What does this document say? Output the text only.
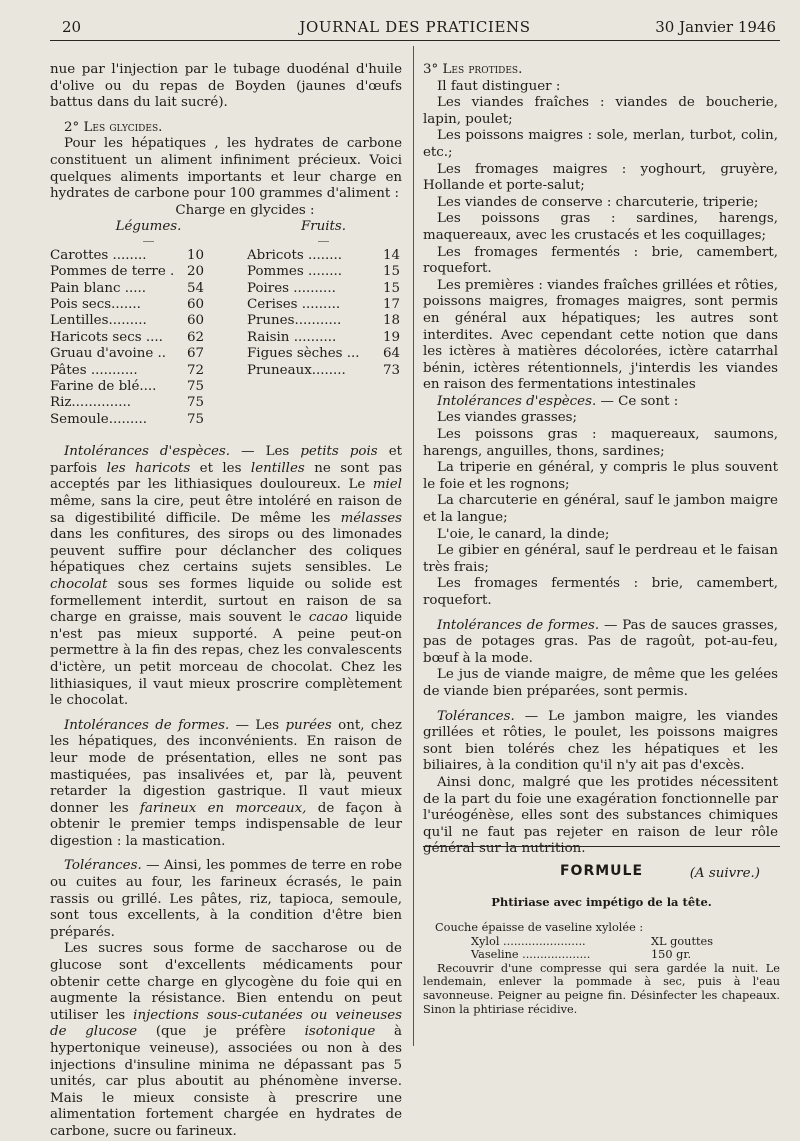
20	JOURNAL DES PRATICIENS	30 Janvier 1946

nue par l'injection par le tubage duodénal d'huile d'olive ou du repas de Boyden (jaunes d'œufs battus dans du lait sucré).

2° Les glycides.

Pour les hépatiques , les hydrates de carbone constituent un aliment infiniment précieux. Voici quelques aliments importants et leur charge en hydrates de carbone pour 100 grammes d'aliment :

Charge en glycides :

Légumes.		Fruits.	

—		—	

Carottes ........	10	Abricots ........	14
Pommes de terre .	20	Pommes ........	15
Pain blanc .....	54	Poires ..........	15
Pois secs.......	60	Cerises .........	17
Lentilles.........	60	Prunes...........	18
Haricots secs ....	62	Raisin ..........	19
Gruau d'avoine ..	67	Figues sèches ...	64
Pâtes ...........	72	Pruneaux........	73
Farine de blé....	75		
Riz..............	75		
Semoule.........	75		

Intolérances d'espèces. — Les petits pois et parfois les haricots et les lentilles ne sont pas acceptés par les lithiasiques douloureux. Le miel même, sans la cire, peut être intoléré en raison de sa digestibilité difficile. De même les mélasses dans les confitures, des sirops ou des limonades peuvent suffire pour déclancher des coliques hépatiques chez certains sujets sensibles. Le chocolat sous ses formes liquide ou solide est formellement interdit, surtout en raison de sa charge en graisse, mais souvent le cacao liquide n'est pas mieux supporté. A peine peut-on permettre à la fin des repas, chez les convalescents d'ictère, un petit morceau de chocolat. Chez les lithiasiques, il vaut mieux proscrire complètement le chocolat.

Intolérances de formes. — Les purées ont, chez les hépatiques, des inconvénients. En raison de leur mode de présentation, elles ne sont pas mastiquées, pas insalivées et, par là, peuvent retarder la digestion gastrique. Il vaut mieux donner les farineux en morceaux, de façon à obtenir le premier temps indispensable de leur digestion : la mastication.

Tolérances. — Ainsi, les pommes de terre en robe ou cuites au four, les farineux écrasés, le pain rassis ou grillé. Les pâtes, riz, tapioca, semoule, sont tous excellents, à la condition d'être bien préparés.

Les sucres sous forme de saccharose ou de glucose sont d'excellents médicaments pour obtenir cette charge en glycogène du foie qui en augmente la résistance. Bien entendu on peut utiliser les injections sous-cutanées ou veineuses de glucose (que je préfère isotonique à hypertonique veineuse), associées ou non à des injections d'insuline minima ne dépassant pas 5 unités, car plus aboutit au phénomène inverse. Mais le mieux consiste à prescrire une alimentation fortement chargée en hydrates de carbone, sucre ou farineux.

3° Les protides.

Il faut distinguer :

Les viandes fraîches : viandes de boucherie, lapin, poulet;

Les poissons maigres : sole, merlan, turbot, colin, etc.;

Les fromages maigres : yoghourt, gruyère, Hollande et porte-salut;

Les viandes de conserve : charcuterie, triperie;

Les poissons gras : sardines, harengs, maquereaux, avec les crustacés et les coquillages;

Les fromages fermentés : brie, camembert, roquefort.

Les premières : viandes fraîches grillées et rôties, poissons maigres, fromages maigres, sont permis en général aux hépatiques; les autres sont interdites. Avec cependant cette notion que dans les ictères à matières décolorées, ictère catarrhal bénin, ictères rétentionnels, j'interdis les viandes en raison des fermentations intestinales

Intolérances d'espèces. — Ce sont :

Les viandes grasses;

Les poissons gras : maquereaux, saumons, harengs, anguilles, thons, sardines;

La triperie en général, y compris le plus souvent le foie et les rognons;

La charcuterie en général, sauf le jambon maigre et la langue;

L'oie, le canard, la dinde;

Le gibier en général, sauf le perdreau et le faisan très frais;

Les fromages fermentés : brie, camembert, roquefort.

Intolérances de formes. — Pas de sauces grasses, pas de potages gras. Pas de ragoût, pot-au-feu, bœuf à la mode.

Le jus de viande maigre, de même que les gelées de viande bien préparées, sont permis.

Tolérances. — Le jambon maigre, les viandes grillées et rôties, le poulet, les poissons maigres sont bien tolérés chez les hépatiques et les biliaires, à la condition qu'il n'y ait pas d'excès.

Ainsi donc, malgré que les protides nécessitent de la part du foie une exagération fonctionnelle par l'uréogénèse, elles sont des substances chimiques qu'il ne faut pas rejeter en raison de leur rôle général sur la nutrition.

(A suivre.)

FORMULE
Phtiriase avec impétigo de la tête.

Couche épaisse de vaseline xylolée :

Xylol .......................	XL gouttes
Vaseline ...................	150 gr.

Recouvrir d'une compresse qui sera gardée la nuit. Le lendemain, enlever la pommade à sec, puis à l'eau savonneuse. Peigner au peigne fin. Désinfecter les chapeaux. Sinon la phtiriase récidive.
